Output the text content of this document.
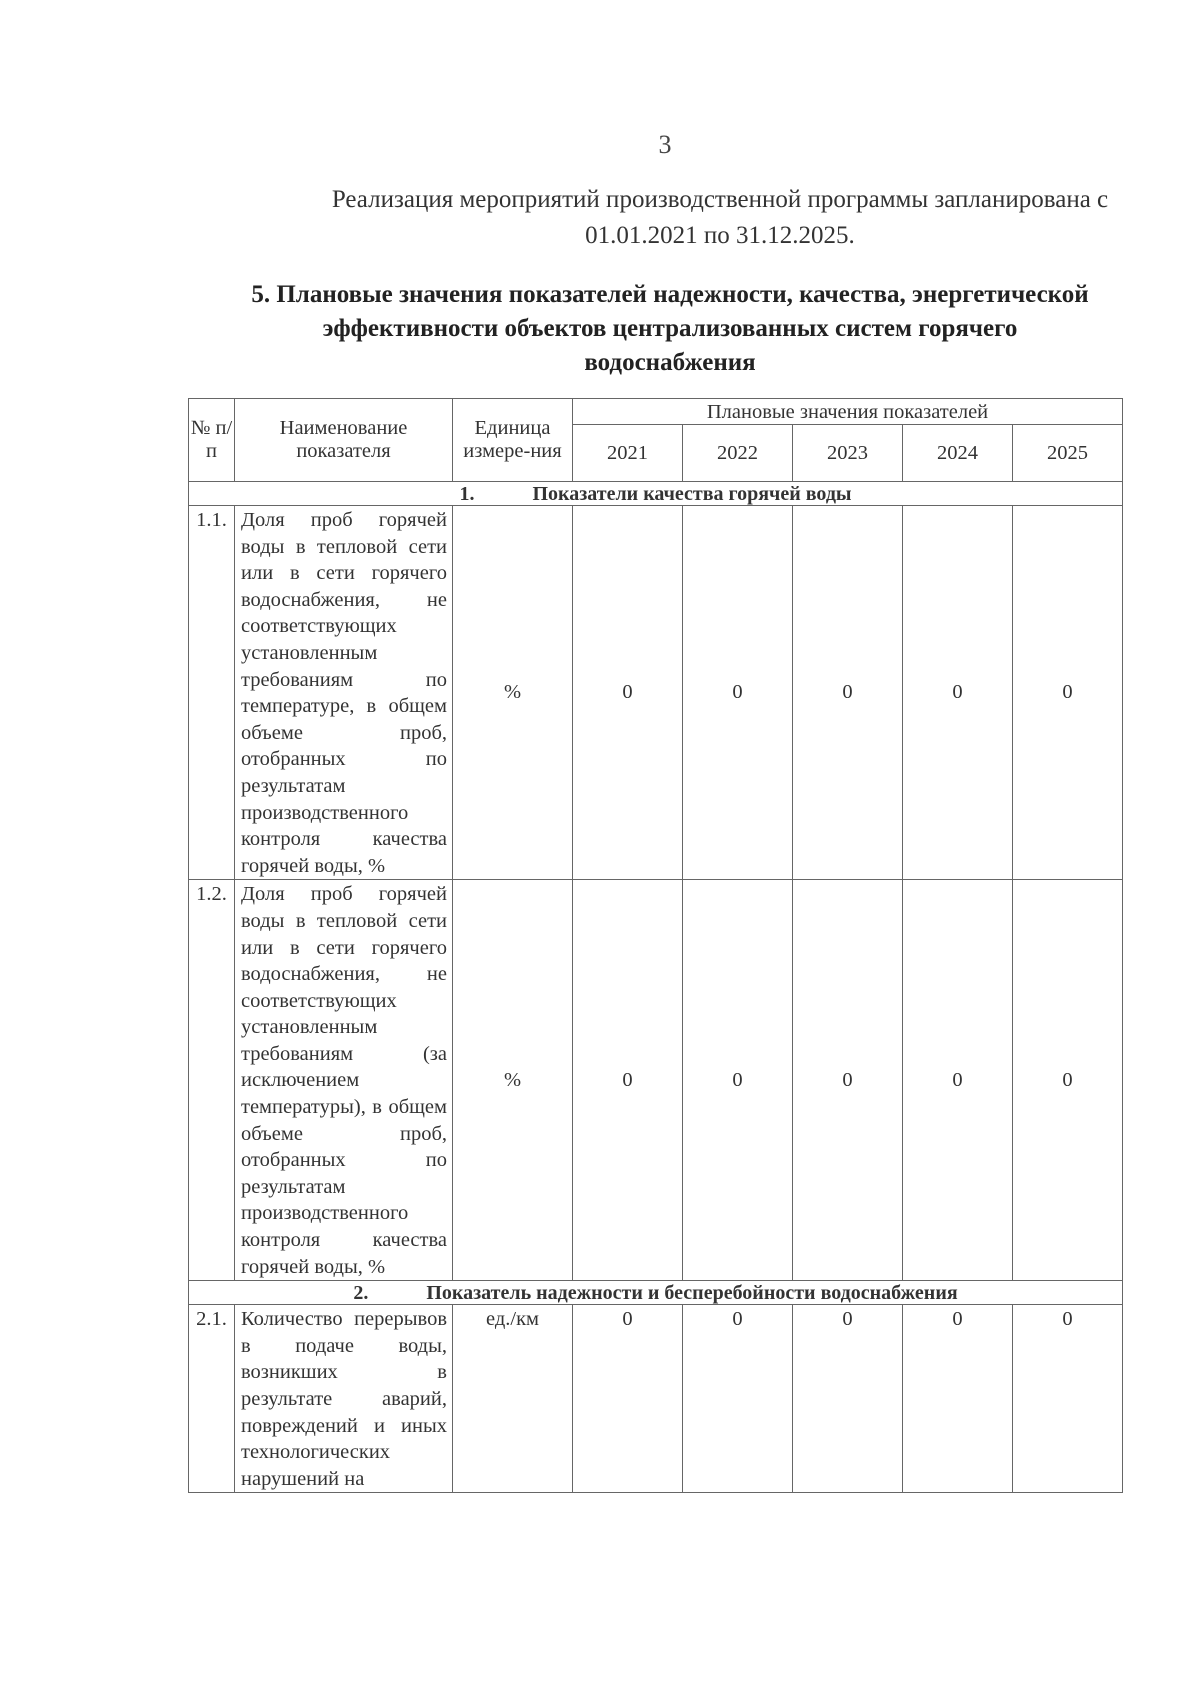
3
Реализация мероприятий производственной программы запланирована с 01.01.2021 по 31.12.2025.
5. Плановые значения показателей надежности, качества, энергетической эффективности объектов централизованных систем горячего водоснабжения
№ п/п	Наименование показателя	Единица измере-ния	Плановые значения показателей				
			2021	2022	2023	2024	2025
1. Показатели качества горячей воды							
1.1.	Доля проб горячей воды в тепловой сети или в сети горячего водоснабжения, не соответствующих установленным требованиям по температуре, в общем объеме проб, отобранных по результатам производственного контроля качества горячей воды, %	%	0	0	0	0	0
1.2.	Доля проб горячей воды в тепловой сети или в сети горячего водоснабжения, не соответствующих установленным требованиям (за исключением температуры), в общем объеме проб, отобранных по результатам производственного контроля качества горячей воды, %	%	0	0	0	0	0
2. Показатель надежности и бесперебойности водоснабжения							
2.1.	Количество перерывов в подаче воды, возникших в результате аварий, повреждений и иных технологических нарушений на	ед./км	0	0	0	0	0
